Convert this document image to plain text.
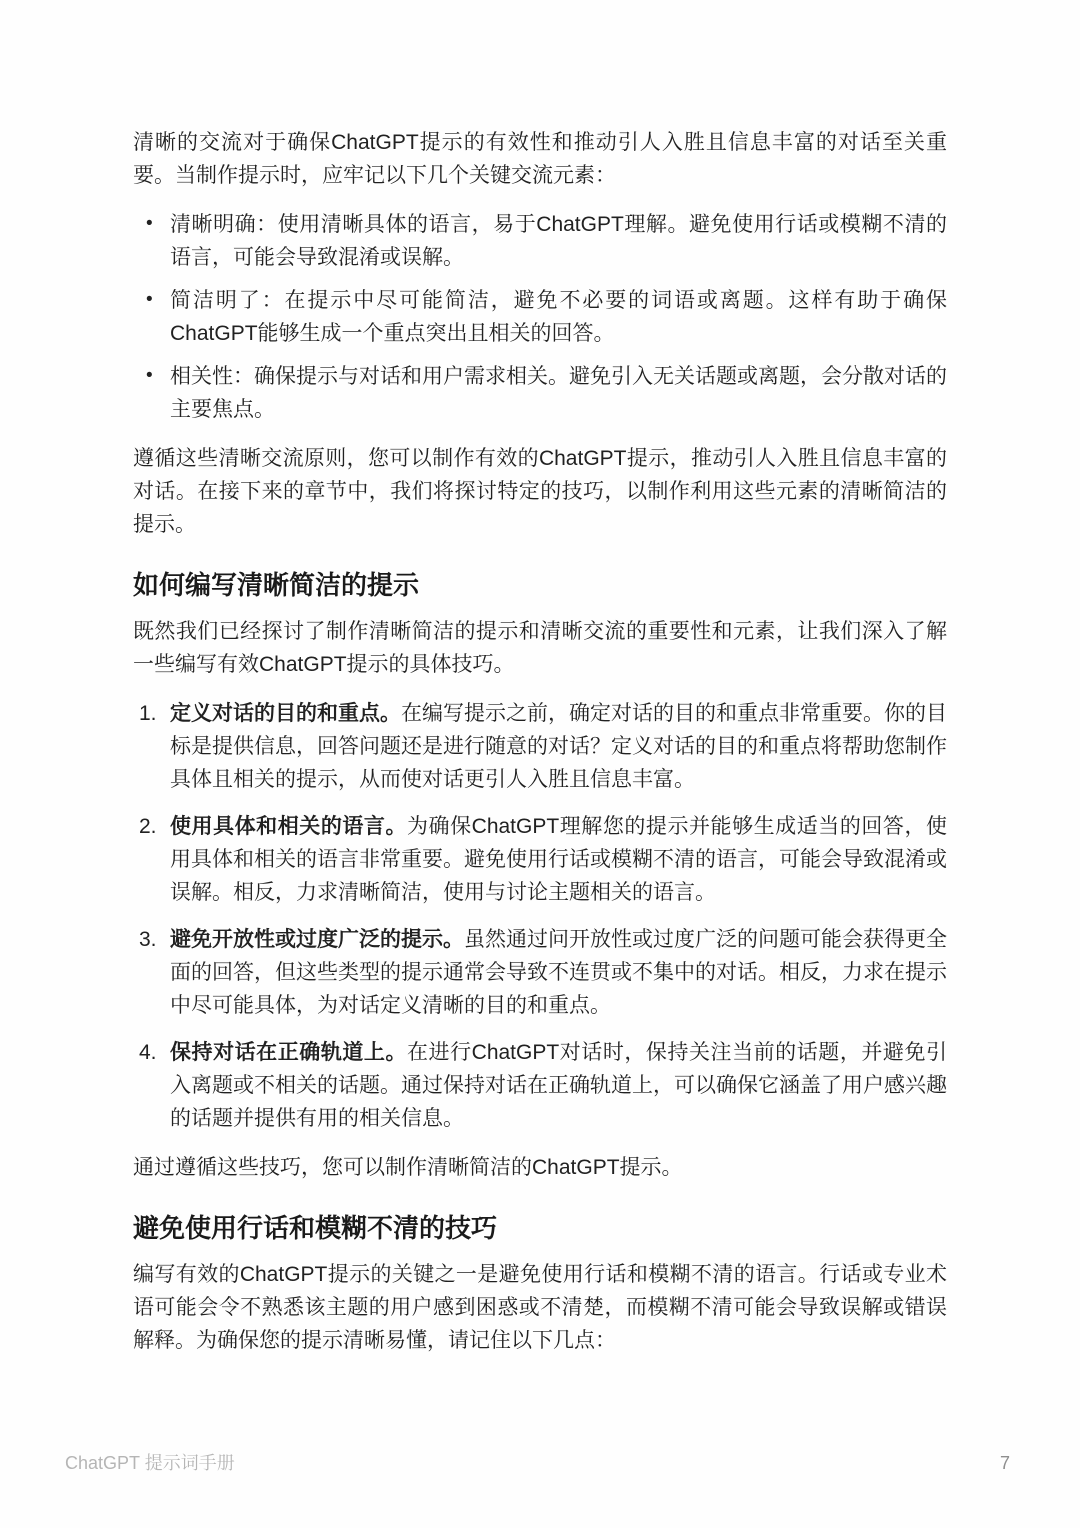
清晰的交流对于确保ChatGPT提示的有效性和推动引人入胜且信息丰富的对话至关重要。当制作提示时，应牢记以下几个关键交流元素：

• 清晰明确：使用清晰具体的语言，易于ChatGPT理解。避免使用行话或模糊不清的语言，可能会导致混淆或误解。
• 简洁明了：在提示中尽可能简洁，避免不必要的词语或离题。这样有助于确保ChatGPT能够生成一个重点突出且相关的回答。
• 相关性：确保提示与对话和用户需求相关。避免引入无关话题或离题，会分散对话的主要焦点。

遵循这些清晰交流原则，您可以制作有效的ChatGPT提示，推动引人入胜且信息丰富的对话。在接下来的章节中，我们将探讨特定的技巧，以制作利用这些元素的清晰简洁的提示。

如何编写清晰简洁的提示

既然我们已经探讨了制作清晰简洁的提示和清晰交流的重要性和元素，让我们深入了解一些编写有效ChatGPT提示的具体技巧。

1. 定义对话的目的和重点。在编写提示之前，确定对话的目的和重点非常重要。你的目标是提供信息，回答问题还是进行随意的对话？定义对话的目的和重点将帮助您制作具体且相关的提示，从而使对话更引人入胜且信息丰富。
2. 使用具体和相关的语言。为确保ChatGPT理解您的提示并能够生成适当的回答，使用具体和相关的语言非常重要。避免使用行话或模糊不清的语言，可能会导致混淆或误解。相反，力求清晰简洁，使用与讨论主题相关的语言。
3. 避免开放性或过度广泛的提示。虽然通过问开放性或过度广泛的问题可能会获得更全面的回答，但这些类型的提示通常会导致不连贯或不集中的对话。相反，力求在提示中尽可能具体，为对话定义清晰的目的和重点。
4. 保持对话在正确轨道上。在进行ChatGPT对话时，保持关注当前的话题，并避免引入离题或不相关的话题。通过保持对话在正确轨道上，可以确保它涵盖了用户感兴趣的话题并提供有用的相关信息。

通过遵循这些技巧，您可以制作清晰简洁的ChatGPT提示。

避免使用行话和模糊不清的技巧

编写有效的ChatGPT提示的关键之一是避免使用行话和模糊不清的语言。行话或专业术语可能会令不熟悉该主题的用户感到困惑或不清楚，而模糊不清可能会导致误解或错误解释。为确保您的提示清晰易懂，请记住以下几点：

ChatGPT 提示词手册	7
